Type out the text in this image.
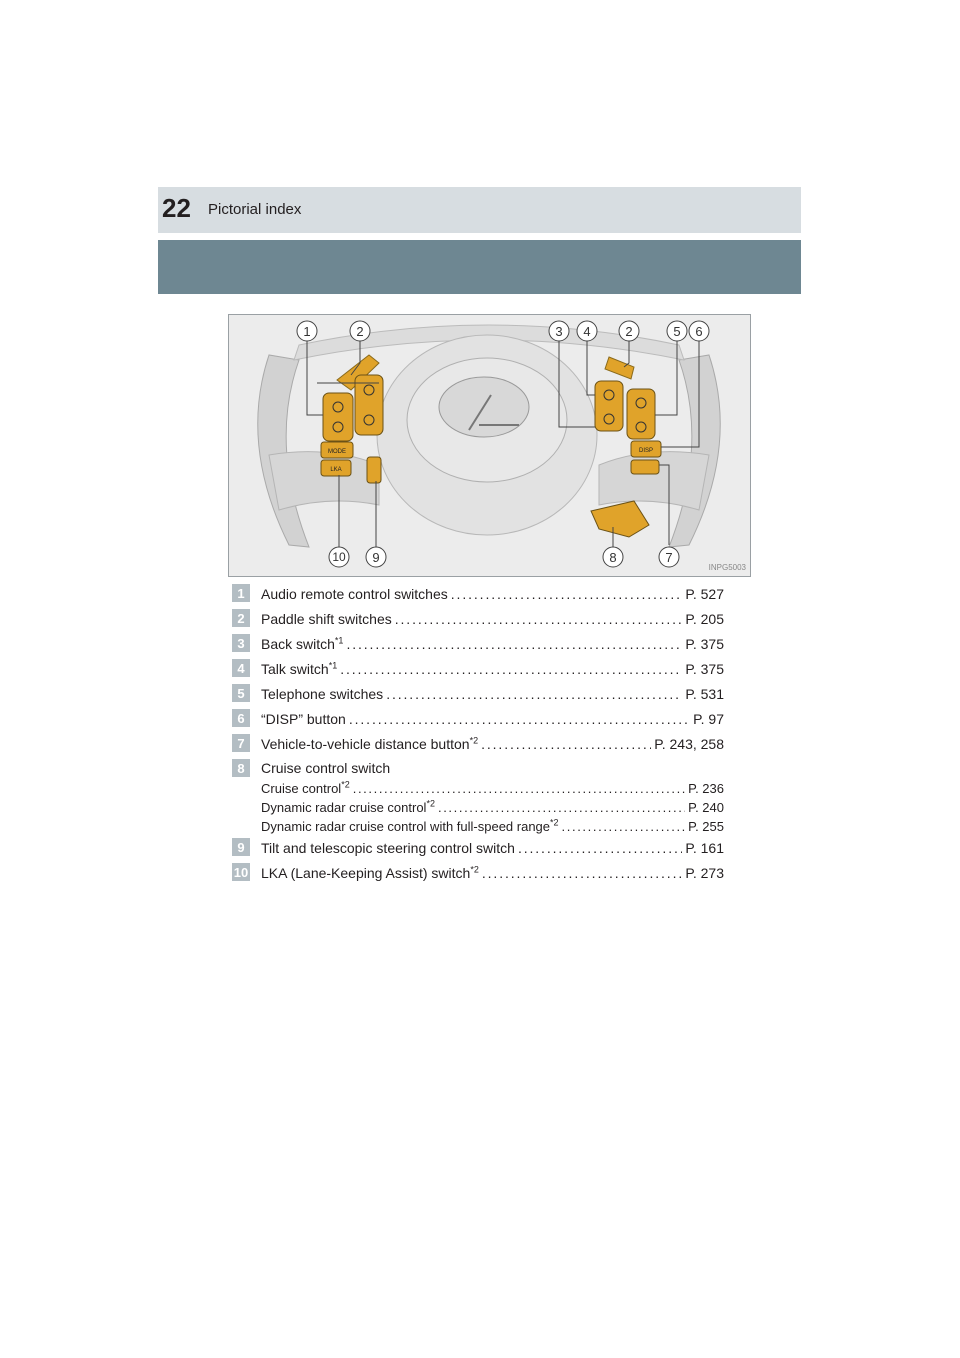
22 Pictorial index
MODE
LKA
DISP
1	2	3 4	2	5 6
10 9	8	7
INPG5003
1	Audio remote control switches . . .	P. 527
2	Paddle shift switches . . .	P. 205
3	Back switch$^{*1}$ . . .	P. 375
4	Talk switch$^{*1}$ . . .	P. 375
5	Telephone switches . . .	P. 531
6	“DISP” button . . .	P. 97
7	Vehicle-to-vehicle distance button$^{*2}$ . . .	P. 243, 258
8	Cruise control switch
Cruise control$^{*2}$ . . .	P. 236
Dynamic radar cruise control$^{*2}$ . . .	P. 240
Dynamic radar cruise control with full-speed range$^{*2}$ . . .	P. 255
9	Tilt and telescopic steering control switch . . .	P. 161
10 LKA (Lane-Keeping Assist) switch$^{*2}$ . . .	P. 273
